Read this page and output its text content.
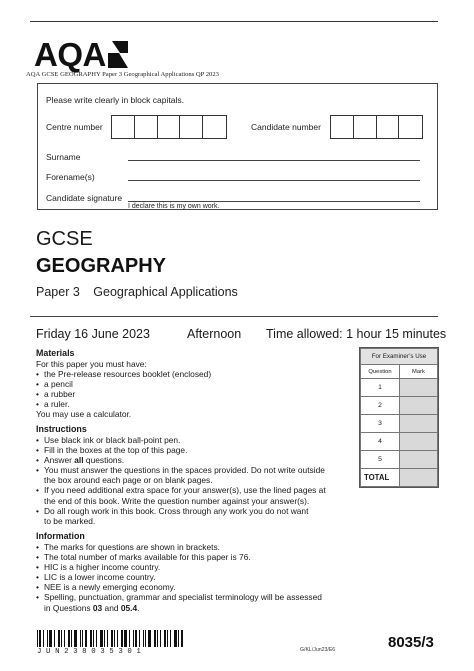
AQA
AQA GCSE GEOGRAPHY Paper 3 Geographical Applications QP 2023
Please write clearly in block capitals.
Centre number	Candidate number
Surname
Forename(s)
Candidate signature
I declare this is my own work.
GCSE
GEOGRAPHY
Paper 3 Geographical Applications
Friday 16 June 2023	Afternoon Time allowed: 1 hour 15 minutes
Materials

For this paper you must have:

• the Pre-release resources booklet (enclosed)
• a pencil
• a rubber
• a ruler.

You may use a calculator.

Instructions
• Use black ink or black ball-point pen.
• Fill in the boxes at the top of this page.
• Answer all questions.
• You must answer the questions in the spaces provided. Do not write outside
the box around each page or on blank pages.
• If you need additional extra space for your answer(s), use the lined pages at
the end of this book. Write the question number against your answer(s).
• Do all rough work in this book. Cross through any work you do not want
to be marked.
Information
• The marks for questions are shown in brackets.
• The total number of marks available for this paper is 76.
• HIC is a higher income country.
• LIC is a lower income country.
• NEE is a newly emerging economy.
• Spelling, punctuation, grammar and specialist terminology will be assessed
in Questions 03 and 05.4.
For Examiner’s Use	
Question	Mark
1	
2	
3	
4	
5	
TOTAL	
JUN238035301	G/KL/Jun23/E6	8035/3
